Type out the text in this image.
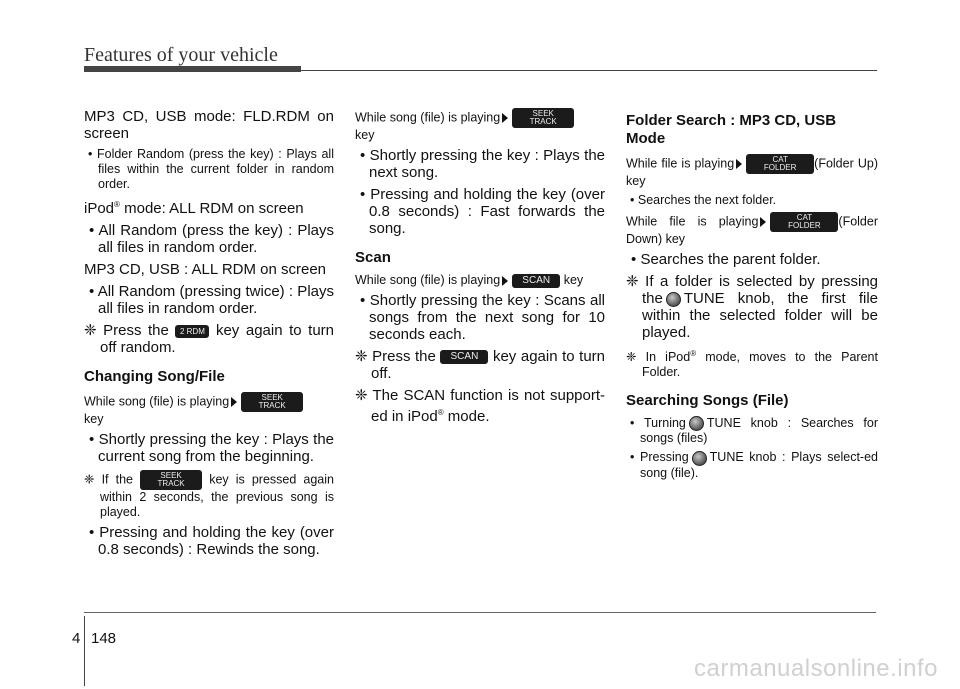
Features of your vehicle

MP3 CD, USB mode: FLD.RDM on screen

• Folder Random (press the key) : Plays all files within the current folder in random order.

iPod® mode: ALL RDM on screen

• All Random (press the key) : Plays all files in random order.

MP3 CD, USB : ALL RDM on screen

• All Random (pressing twice) : Plays all files in random order.

❈ Press the 2 RDM key again to turn off random.

Changing Song/File

While song (file) is playing	SEEK
TRACK
key

• Shortly pressing the key : Plays the current song from the beginning.

❈ If the	SEEK
TRACK key is pressed again within 2 seconds, the previous song is played.

• Pressing and holding the key (over 0.8 seconds) : Rewinds the song.

While song (file) is playing	SEEK
TRACK
key

• Shortly pressing the key : Plays the next song.

• Pressing and holding the key (over 0.8 seconds) : Fast forwards the song.

Scan

While song (file) is playing SCAN key

• Shortly pressing the key : Scans all songs from the next song for 10 seconds each.

❈ Press the SCAN key again to turn off.

❈ The SCAN function is not support-ed in iPod® mode.

Folder Search : MP3 CD, USB Mode

While file is playing	CAT
FOLDER (Folder Up) key

• Searches the next folder.

While file is playing	CAT
FOLDER (Folder Down) key

• Searches the parent folder.

❈ If a folder is selected by pressing the TUNE knob, the first file within the selected folder will be played.

❈ In iPod® mode, moves to the Parent Folder.

Searching Songs (File)

• Turning TUNE knob : Searches for songs (files)

• Pressing TUNE knob : Plays select-ed song (file).

4 148
carmanualsonline.info
